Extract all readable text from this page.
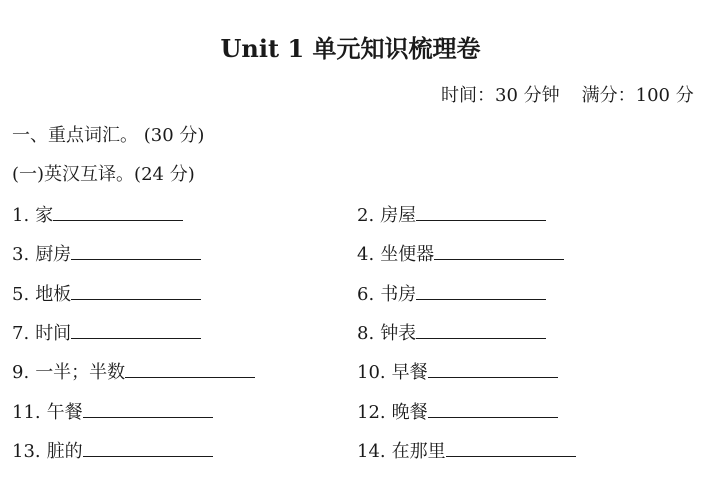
Unit 1 单元知识梳理卷
时间：30 分钟 满分：100 分
一、重点词汇。 (30 分)
(一)英汉互译。(24 分)
1. 家	2. 房屋
3. 厨房	4. 坐便器
5. 地板	6. 书房
7. 时间	8. 钟表
9. 一半；半数	10. 早餐
11. 午餐	12. 晚餐
13. 脏的	14. 在那里
